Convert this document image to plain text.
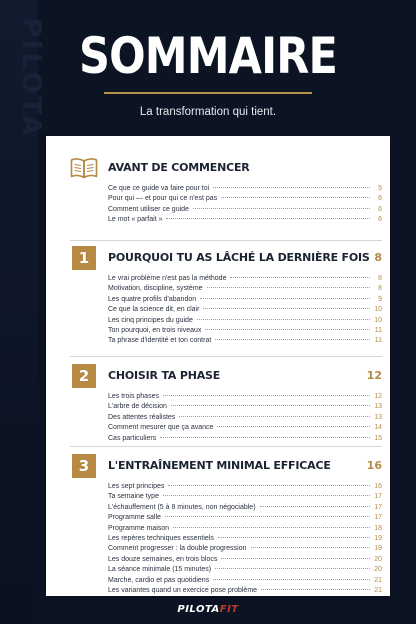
PILOTA SOMMAIRE
La transformation qui tient.
AVANT DE COMMENCER
Ce que ce guide va faire pour toi	5
Pour qui — et pour qui ce n'est pas	6
Comment utiliser ce guide	6
Le mot « parfait »	6
1	POURQUOI TU AS LÂCHÉ LA DERNIÈRE FOIS 8
Le vrai problème n'est pas la méthode	8
Motivation, discipline, système	8
Les quatre profils d'abandon	9
Ce que la science dit, en clair	10
Les cinq principes du guide	10
Ton pourquoi, en trois niveaux	11
Ta phrase d'identité et ton contrat	11
2	CHOISIR TA PHASE	12
Les trois phases	12
L'arbre de décision	13
Des attentes réalistes	13
Comment mesurer que ça avance	14
Cas particuliers	15
3	L'ENTRAÎNEMENT MINIMAL EFFICACE	16
Les sept principes	16
Ta semaine type	17
L'échauffement (5 à 8 minutes, non négociable)	17
Programme salle	17
Programme maison	18
Les repères techniques essentiels	19
Comment progresser : la double progression	19
Les douze semaines, en trois blocs	20
La séance minimale (15 minutes)	20
Marche, cardio et pas quotidiens	21
Les variantes quand un exercice pose problème	21
PILOTAFIT
